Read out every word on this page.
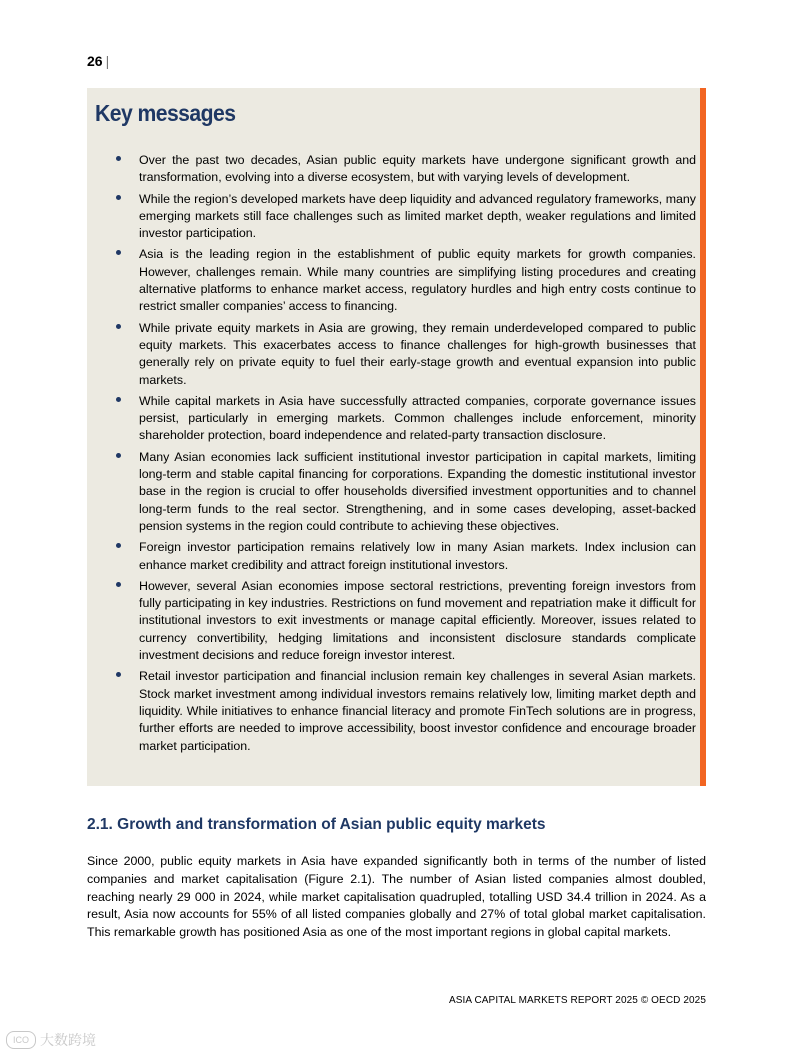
26 |
Key messages
Over the past two decades, Asian public equity markets have undergone significant growth and transformation, evolving into a diverse ecosystem, but with varying levels of development.
While the region’s developed markets have deep liquidity and advanced regulatory frameworks, many emerging markets still face challenges such as limited market depth, weaker regulations and limited investor participation.
Asia is the leading region in the establishment of public equity markets for growth companies. However, challenges remain. While many countries are simplifying listing procedures and creating alternative platforms to enhance market access, regulatory hurdles and high entry costs continue to restrict smaller companies’ access to financing.
While private equity markets in Asia are growing, they remain underdeveloped compared to public equity markets. This exacerbates access to finance challenges for high-growth businesses that generally rely on private equity to fuel their early-stage growth and eventual expansion into public markets.
While capital markets in Asia have successfully attracted companies, corporate governance issues persist, particularly in emerging markets. Common challenges include enforcement, minority shareholder protection, board independence and related-party transaction disclosure.
Many Asian economies lack sufficient institutional investor participation in capital markets, limiting long-term and stable capital financing for corporations. Expanding the domestic institutional investor base in the region is crucial to offer households diversified investment opportunities and to channel long-term funds to the real sector. Strengthening, and in some cases developing, asset-backed pension systems in the region could contribute to achieving these objectives.
Foreign investor participation remains relatively low in many Asian markets. Index inclusion can enhance market credibility and attract foreign institutional investors.
However, several Asian economies impose sectoral restrictions, preventing foreign investors from fully participating in key industries. Restrictions on fund movement and repatriation make it difficult for institutional investors to exit investments or manage capital efficiently. Moreover, issues related to currency convertibility, hedging limitations and inconsistent disclosure standards complicate investment decisions and reduce foreign investor interest.
Retail investor participation and financial inclusion remain key challenges in several Asian markets. Stock market investment among individual investors remains relatively low, limiting market depth and liquidity. While initiatives to enhance financial literacy and promote FinTech solutions are in progress, further efforts are needed to improve accessibility, boost investor confidence and encourage broader market participation.
2.1. Growth and transformation of Asian public equity markets

Since 2000, public equity markets in Asia have expanded significantly both in terms of the number of listed companies and market capitalisation (Figure 2.1). The number of Asian listed companies almost doubled, reaching nearly 29 000 in 2024, while market capitalisation quadrupled, totalling USD 34.4 trillion in 2024. As a result, Asia now accounts for 55% of all listed companies globally and 27% of total global market capitalisation. This remarkable growth has positioned Asia as one of the most important regions in global capital markets.

ASIA CAPITAL MARKETS REPORT 2025 © OECD 2025
ICO 大数跨境
